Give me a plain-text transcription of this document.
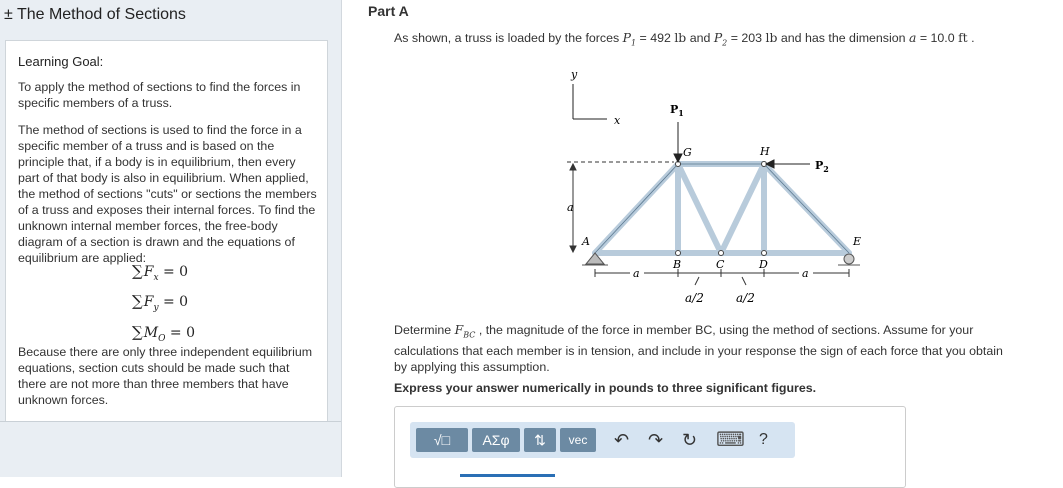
± The Method of Sections
Learning Goal:

To apply the method of sections to find the forces in specific members of a truss.

The method of sections is used to find the force in a specific member of a truss and is based on the principle that, if a body is in equilibrium, then every part of that body is also in equilibrium. When applied, the method of sections "cuts" or sections the members of a truss and exposes their internal forces. To find the unknown internal member forces, the free-body diagram of a section is drawn and the equations of equilibrium are applied:

$\sum F_x = 0$
$\sum F_y = 0$
$\sum M_O = 0$

Because there are only three independent equilibrium equations, section cuts should be made such that there are not more than three members that have unknown forces.

Part A
As shown, a truss is loaded by the forces $P_1 = 492$ lb and $P_2 = 203$ lb and has the dimension a = 10.0 ft .
y
x
a
$P_1$
$P_2$
G	H
A
B	C	D
E
a	a
a/2	a/2
Determine $F_{BC}$ , the magnitude of the force in member BC, using the method of sections. Assume for your
calculations that each member is in tension, and include in your response the sign of each force that you obtain
by applying this assumption.
Express your answer numerically in pounds to three significant figures.
√□	ΑΣφ	⇅	vec	↶ ↷ ↻ ⌨ ?
